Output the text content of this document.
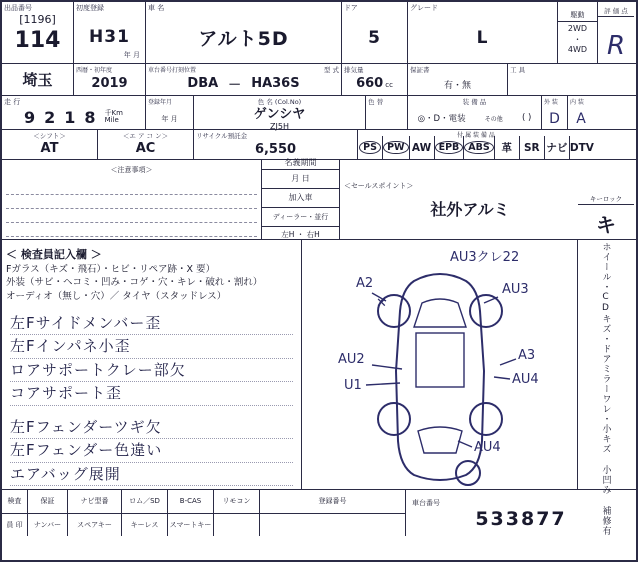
出品番号
[1196]
114
初度登録
H31
年 月
車 名
アルト5D
ドア
5
グレード
L
駆動
2WD
・
4WD
評 価 点
R
埼玉
西暦・初年度
2019
車台番号打刻位置	型 式
DBA － HA36S
排気量
660 cc
保証書
有・無
工 具
走 行
9 2 1 8 千Km
Mile
登録年月
年 月
色 名 (Col.No)
ゲンシヤ
ZJ5H
色 替	装 備 品
◎・D・電装	その他 ( )
外 装
D
内 装
A
＜シフト＞
AT
＜エ ア コ ン＞
AC
リサイクル預託金
6,550
付 属 装 備 品
PS	PW AW EPB ABS	革 SR ナビ DTV
＜注意事項＞
名義期間
月 日
加入車
ディーラー・並行
左H ・ 右H
＜セールスポイント＞
社外アルミ
＜ 検査員記入欄 ＞
Fガラス（キズ・飛石）・ヒビ・リペア跡・X 要）
外装（サビ・ヘコミ・凹み・コゲ・穴・キレ・破れ・割れ）
オーディオ（無し・穴）／ タイヤ（スタッドレス）
左Fサイドメンバー歪
左Fインパネ小歪
ロアサポートクレー部欠
コアサポート歪
左Fフェンダーツギ欠
左Fフェンダー色違い
エアバッグ展開
AU3クレ22
A2
✕
AU3
AU2
U1
A3
AU4
AU4
キーロック
キ
ホイール・CDキズ・ドアミラーワレ・小キズ 小凹み 補修有
検査
員 印
保証
ナンバー
ナビ型番
スペアキー
ロム／SD
キーレス
B-CAS
スマートキー
リモコン	登録番号	車台番号
533877
